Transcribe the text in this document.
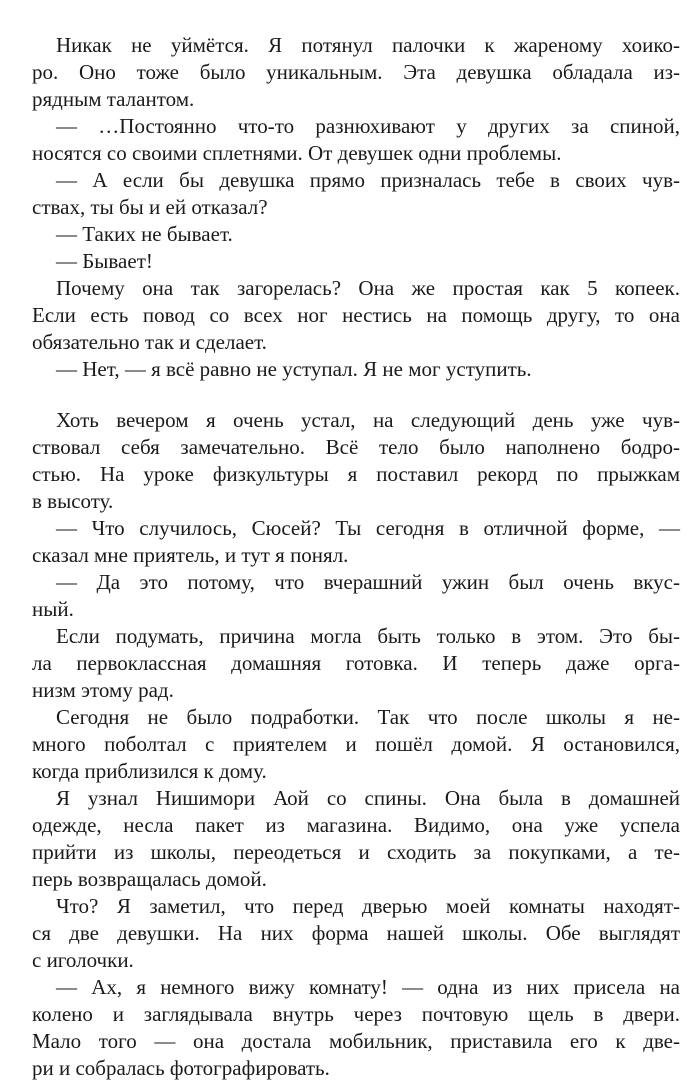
Никак не уймётся. Я потянул палочки к жареному хоико-
ро. Оно тоже было уникальным. Эта девушка обладала из-
рядным талантом.
— …Постоянно что-то разнюхивают у других за спиной,
носятся со своими сплетнями. От девушек одни проблемы.
— А если бы девушка прямо призналась тебе в своих чув-
ствах, ты бы и ей отказал?
— Таких не бывает.
— Бывает!
Почему она так загорелась? Она же простая как 5 копеек.
Если есть повод со всех ног нестись на помощь другу, то она
обязательно так и сделает.
— Нет, — я всё равно не уступал. Я не мог уступить.
Хоть вечером я очень устал, на следующий день уже чув-
ствовал себя замечательно. Всё тело было наполнено бодро-
стью. На уроке физкультуры я поставил рекорд по прыжкам
в высоту.
— Что случилось, Сюсей? Ты сегодня в отличной форме, —
сказал мне приятель, и тут я понял.
— Да это потому, что вчерашний ужин был очень вкус-
ный.
Если подумать, причина могла быть только в этом. Это бы-
ла первоклассная домашняя готовка. И теперь даже орга-
низм этому рад.
Сегодня не было подработки. Так что после школы я не-
много поболтал с приятелем и пошёл домой. Я остановился,
когда приблизился к дому.
Я узнал Нишимори Аой со спины. Она была в домашней
одежде, несла пакет из магазина. Видимо, она уже успела
прийти из школы, переодеться и сходить за покупками, а те-
перь возвращалась домой.
Что? Я заметил, что перед дверью моей комнаты находят-
ся две девушки. На них форма нашей школы. Обе выглядят
с иголочки.
— Ах, я немного вижу комнату! — одна из них присела на
колено и заглядывала внутрь через почтовую щель в двери.
Мало того — она достала мобильник, приставила его к две-
ри и собралась фотографировать.
